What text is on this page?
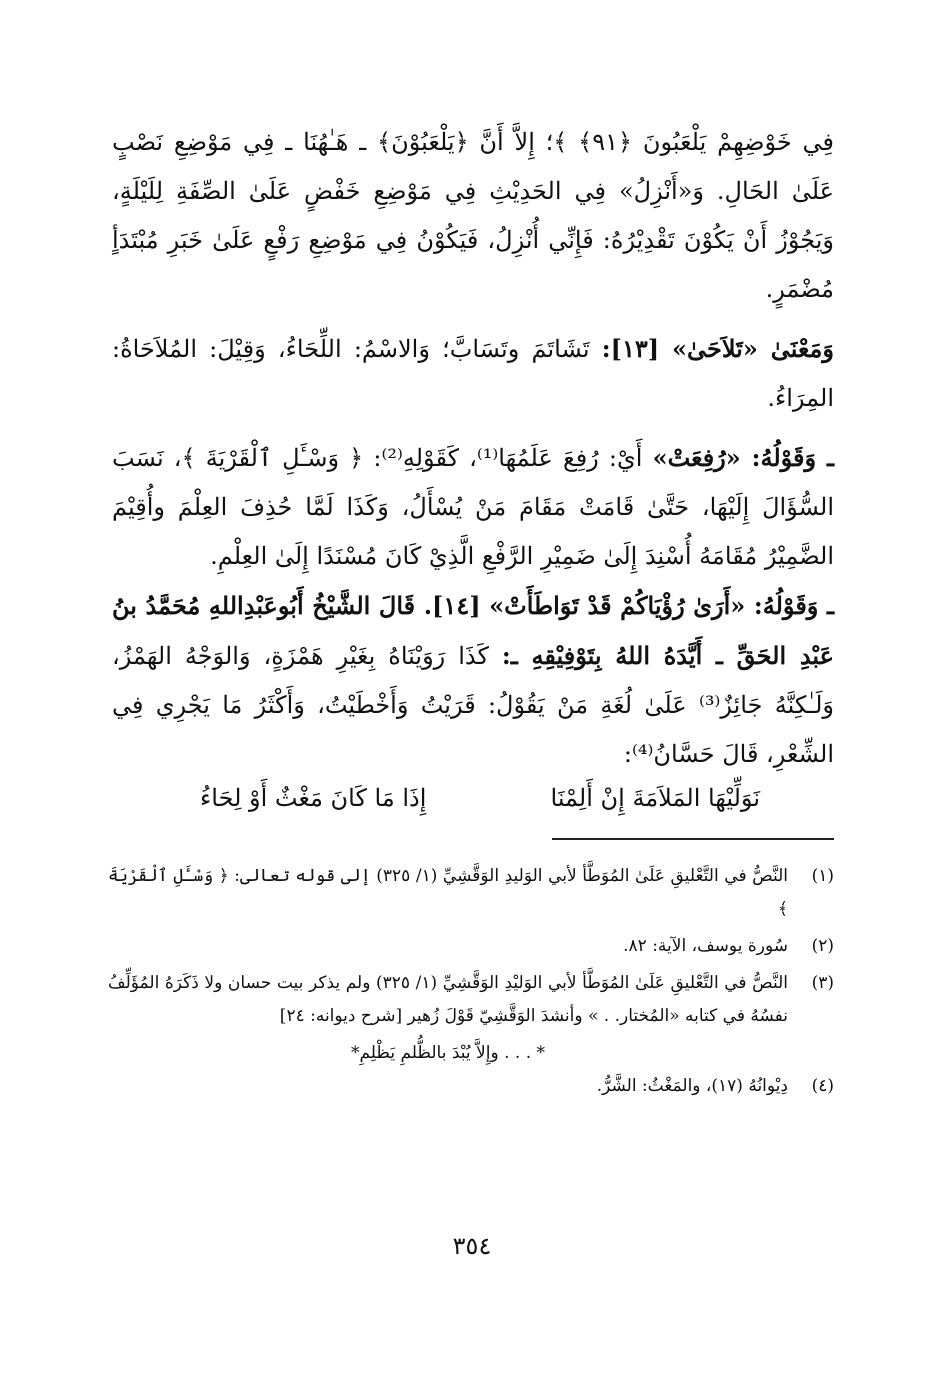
فِي خَوْضِهِمْ يَلْعَبُونَ ﴿٩١﴾ ﴾؛ إِلاَّ أَنَّ ﴿يَلْعَبُوْنَ﴾ ـ هَـٰهُنَا ـ فِي مَوْضِعِ نَصْبٍ عَلَىٰ الحَالِ. وَ«أَنْزِلُ» فِي الحَدِيْثِ فِي مَوْضِعِ خَفْضٍ عَلَىٰ الصِّفَةِ لِلَيْلَةٍ، وَيَجُوْزُ أَنْ يَكُوْنَ تَقْدِيْرُهُ: فَإِنِّي أُنْزِلُ، فَيَكُوْنُ فِي مَوْضِعِ رَفْعٍ عَلَىٰ خَبَرِ مُبْتَدَأٍ مُضْمَرٍ.

وَمَعْنَىٰ «تَلاَحَىٰ» [١٣]: تَشَاتَمَ وتَسَابَّ؛ وَالاسْمُ: اللِّحَاءُ، وَقِيْلَ: المُلاَحَاةُ: المِرَاءُ.

ـ وَقَوْلُهُ: «رُفِعَتْ» أَيْ: رُفِعَ عَلَمُهَا⁽¹⁾، كَقَوْلِهِ⁽²⁾: ﴿ وَسْـَٔلِ ٱلْقَرْيَةَ ﴾، نَسَبَ السُّؤَالَ إِلَيْهَا، حَتَّىٰ قَامَتْ مَقَامَ مَنْ يُسْأَلُ، وَكَذَا لَمَّا حُذِفَ العِلْمَ وأُقِيْمَ الضَّمِيْرُ مُقَامَهُ أُسْنِدَ إِلَىٰ ضَمِيْرِ الرَّفْعِ الَّذِيْ كَانَ مُسْنَدًا إِلَىٰ العِلْمِ.

ـ وَقَوْلُهُ: «أَرَىٰ رُؤْيَاكُمْ قَدْ تَوَاطَأَتْ» [١٤]. قَالَ الشَّيْخُ أَبُوعَبْدِاللهِ مُحَمَّدُ بنُ عَبْدِ الحَقِّ ـ أَيَّدَهُ اللهُ بِتَوْفِيْقِهِ ـ: كَذَا رَوَيْنَاهُ بِغَيْرِ هَمْزَةٍ، وَالوَجْهُ الهَمْزُ، وَلَـٰكِنَّهُ جَائِزٌ⁽³⁾ عَلَىٰ لُغَةِ مَنْ يَقُوْلُ: قَرَيْتُ وَأَخْطَيْتُ، وَأَكْثَرُ مَا يَجْرِي فِي الشِّعْرِ، قَالَ حَسَّانُ⁽⁴⁾:

نَوَلِّيْهَا المَلاَمَةَ إِنْ أَلِمْنَا
إِذَا مَا كَانَ مَغْثٌ أَوْ لِحَاءُ
(١)
النَّصُّ في التَّعْليقِ عَلَىٰ المُوَطَّأ لأبي الوَليدِ الوَقَّشِيِّ (١/ ٣٢٥) إلى قوله تعالى: ﴿ وَسْـَٔلِ ٱلْقَرْيَةَ ﴾
(٢)
سُورة يوسف، الآية: ٨٢.
(٣)
النَّصُّ في التَّعْليقِ عَلَىٰ المُوَطَّأ لأبي الوَليْدِ الوَقَّشِيِّ (١/ ٣٢٥) ولم يذكر بيت حسان ولا ذَكَرَهُ المُؤَلِّفُ نفسُهُ في كتابه «المُختار. . » وأنشدَ الوَقَّشِيّ قَوْلَ زُهير [شرح ديوانه: ٢٤]
* . . . وإِلاَّ يُبْدَ بالظُّلمِ يَظْلِمِ*
(٤)
دِيْوانُهُ (١٧)، والمَغْثُ: الشَّرُّ.
٣٥٤
